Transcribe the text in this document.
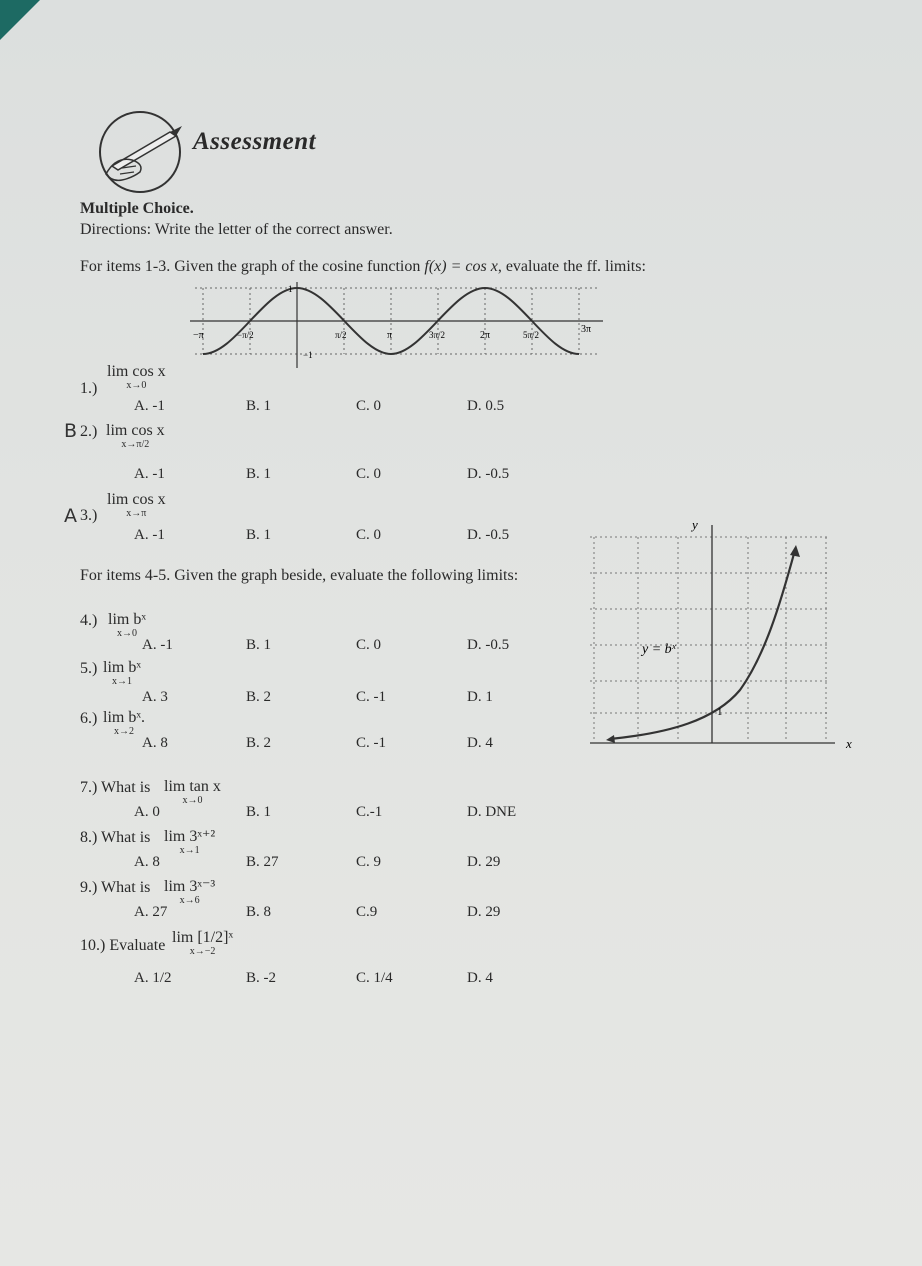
Assessment
Multiple Choice.
Directions: Write the letter of the correct answer.
For items 1-3. Given the graph of the cosine function f(x) = cos x, evaluate the ff. limits:
−π	−π/2	π/2	π	3π/2	2π	5π/2	3π
1
−1
1.)
lim cos x
x→0
A. -1	B. 1	C. 0	D. 0.5
B 2.) lim cos x
x→π/2
A. -1	B. 1	C. 0	D. -0.5
A 3.)
lim cos x
x→π
A. -1	B. 1	C. 0	D. -0.5
For items 4-5. Given the graph beside, evaluate the following limits:
4.) lim bˣ
x→0
A. -1	B. 1	C. 0	D. -0.5
5.) lim bˣ
x→1
A. 3	B. 2	C. -1	D. 1
6.) lim bˣ.
x→2
A. 8	B. 2	C. -1	D. 4
y
x
y = bˣ
1
7.) What is lim tan x
x→0
A. 0	B. 1	C.-1	D. DNE
8.) What is lim 3ˣ⁺²
x→1
A. 8	B. 27	C. 9	D. 29
9.) What is lim 3ˣ⁻³
x→6
A. 27	B. 8	C.9	D. 29
10.) Evaluate lim [1/2]ˣ
x→−2
A. 1/2	B. -2	C. 1/4	D. 4
